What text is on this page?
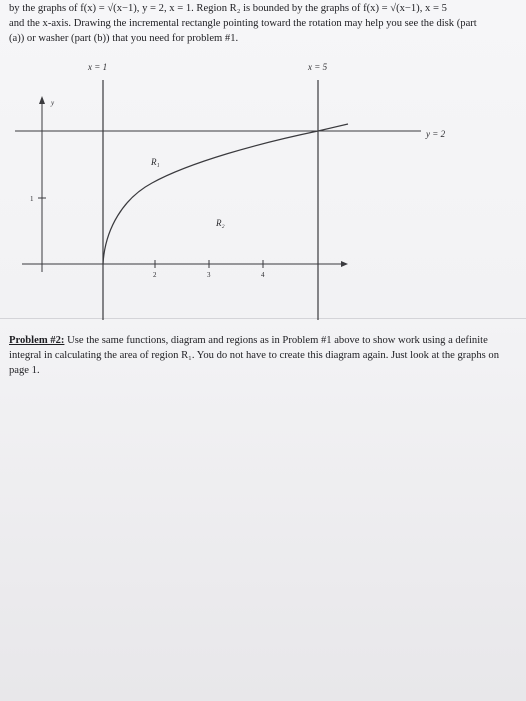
by the graphs of f(x) = √(x−1), y = 2, x = 1. Region R₂ is bounded by the graphs of f(x) = √(x−1), x = 5
and the x-axis. Drawing the incremental rectangle pointing toward the rotation may help you see the disk (part
(a)) or washer (part (b)) that you need for problem #1.

y
y = 2
x = 1	x = 5
1
2	3	4
R₁
R₂

Problem #2: Use the same functions, diagram and regions as in Problem #1 above to show work using a definite integral in calculating the area of region R₁. You do not have to create this diagram again. Just look at the graphs on page 1.
